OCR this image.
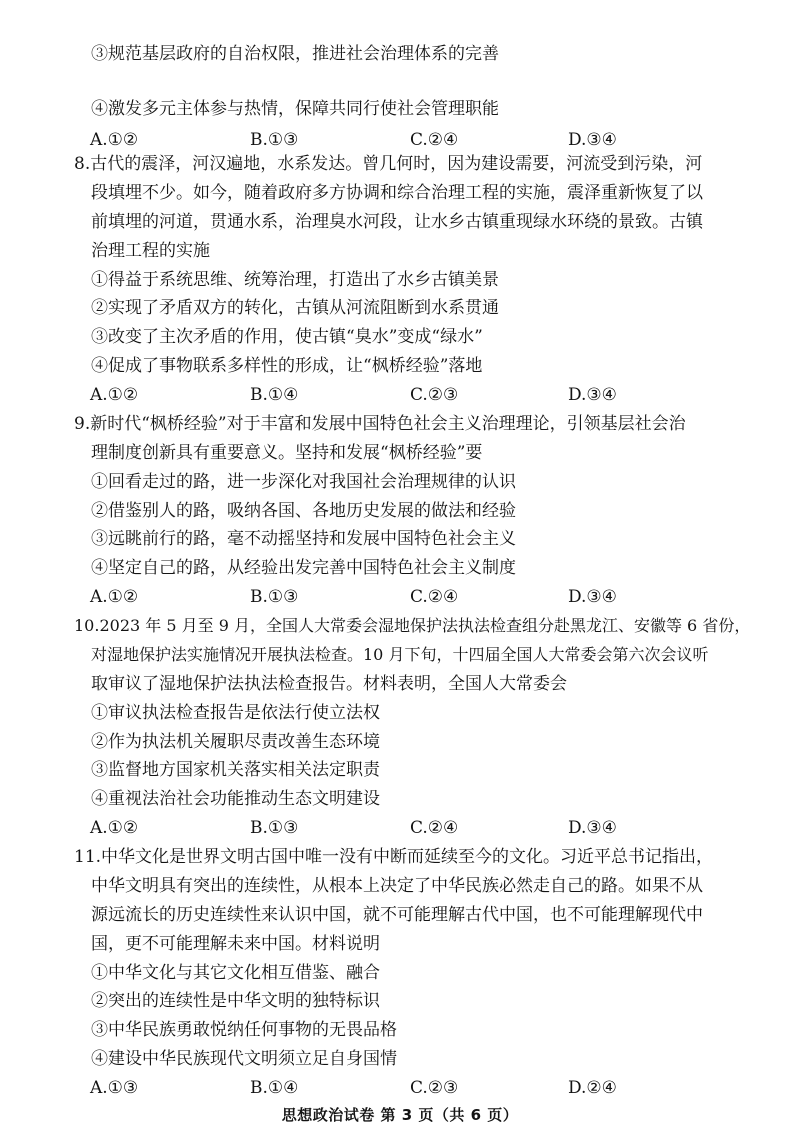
③规范基层政府的自治权限，推进社会治理体系的完善
④激发多元主体参与热情，保障共同行使社会管理职能
A.①②	B.①③	C.②④	D.③④
8.古代的震泽，河汉遍地，水系发达。曾几何时，因为建设需要，河流受到污染，河
段填埋不少。如今，随着政府多方协调和综合治理工程的实施，震泽重新恢复了以
前填埋的河道，贯通水系，治理臭水河段，让水乡古镇重现绿水环绕的景致。古镇
治理工程的实施
①得益于系统思维、统筹治理，打造出了水乡古镇美景
②实现了矛盾双方的转化，古镇从河流阻断到水系贯通
③改变了主次矛盾的作用，使古镇“臭水”变成“绿水”
④促成了事物联系多样性的形成，让“枫桥经验”落地
A.①②	B.①④	C.②③	D.③④
9.新时代“枫桥经验”对于丰富和发展中国特色社会主义治理理论，引领基层社会治
理制度创新具有重要意义。坚持和发展“枫桥经验”要
①回看走过的路，进一步深化对我国社会治理规律的认识
②借鉴别人的路，吸纳各国、各地历史发展的做法和经验
③远眺前行的路，毫不动摇坚持和发展中国特色社会主义
④坚定自己的路，从经验出发完善中国特色社会主义制度
A.①②	B.①③	C.②④	D.③④
10.2023 年 5 月至 9 月，全国人大常委会湿地保护法执法检查组分赴黑龙江、安徽等 6 省份，
对湿地保护法实施情况开展执法检查。10 月下旬，十四届全国人大常委会第六次会议听
取审议了湿地保护法执法检查报告。材料表明，全国人大常委会
①审议执法检查报告是依法行使立法权
②作为执法机关履职尽责改善生态环境
③监督地方国家机关落实相关法定职责
④重视法治社会功能推动生态文明建设
A.①②	B.①③	C.②④	D.③④
11.中华文化是世界文明古国中唯一没有中断而延续至今的文化。习近平总书记指出，
中华文明具有突出的连续性，从根本上决定了中华民族必然走自己的路。如果不从
源远流长的历史连续性来认识中国，就不可能理解古代中国，也不可能理解现代中
国，更不可能理解未来中国。材料说明
①中华文化与其它文化相互借鉴、融合
②突出的连续性是中华文明的独特标识
③中华民族勇敢悦纳任何事物的无畏品格
④建设中华民族现代文明须立足自身国情
A.①③	B.①④	C.②③	D.②④
思想政治试卷 第 3 页（共 6 页）
